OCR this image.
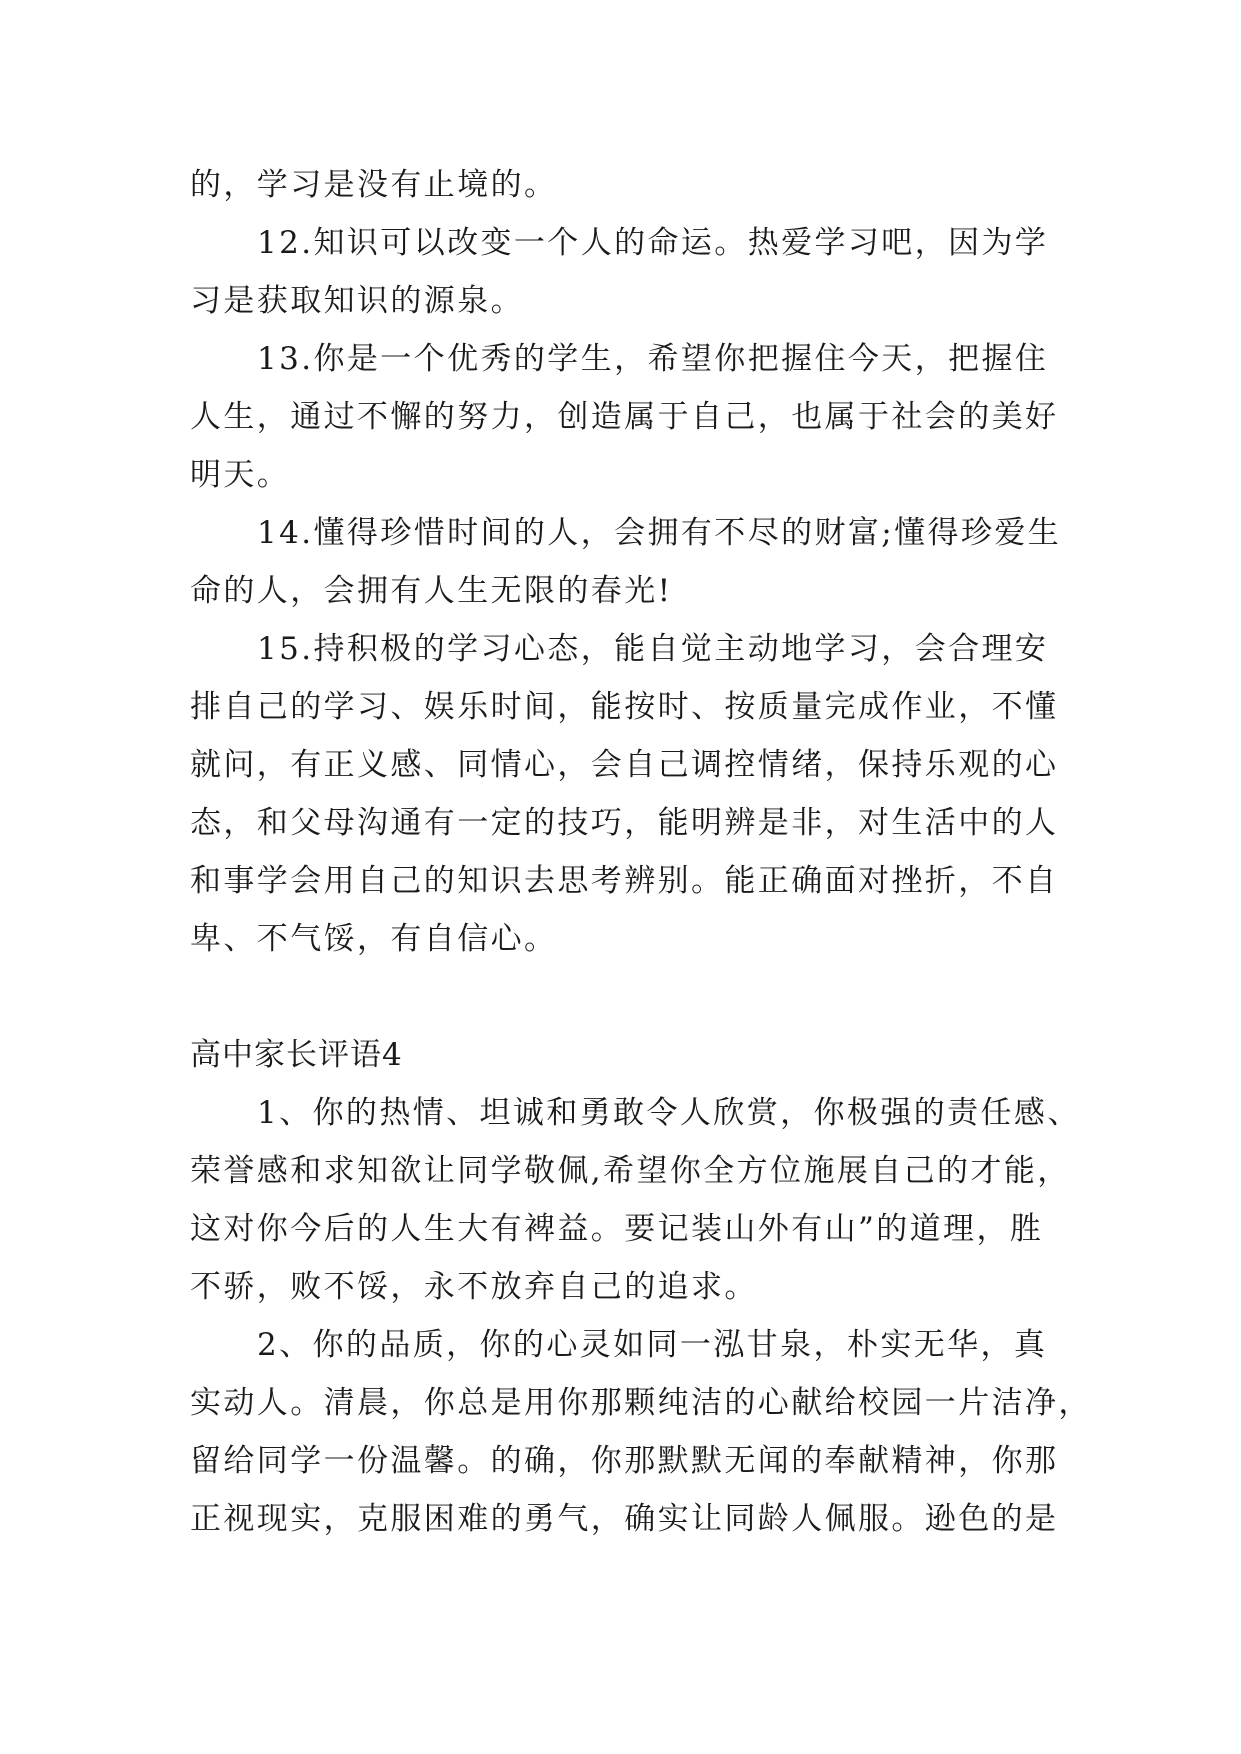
的，学习是没有止境的。
12.知识可以改变一个人的命运。热爱学习吧，因为学
习是获取知识的源泉。
13.你是一个优秀的学生，希望你把握住今天，把握住
人生，通过不懈的努力，创造属于自己，也属于社会的美好
明天。
14.懂得珍惜时间的人，会拥有不尽的财富;懂得珍爱生
命的人，会拥有人生无限的春光!
15.持积极的学习心态，能自觉主动地学习，会合理安
排自己的学习、娱乐时间，能按时、按质量完成作业，不懂
就问，有正义感、同情心，会自己调控情绪，保持乐观的心
态，和父母沟通有一定的技巧，能明辨是非，对生活中的人
和事学会用自己的知识去思考辨别。能正确面对挫折，不自
卑、不气馁，有自信心。
高中家长评语4
1、你的热情、坦诚和勇敢令人欣赏，你极强的责任感、
荣誉感和求知欲让同学敬佩,希望你全方位施展自己的才能，
这对你今后的人生大有裨益。要记装山外有山”的道理，胜
不骄，败不馁，永不放弃自己的追求。
2、你的品质，你的心灵如同一泓甘泉，朴实无华，真
实动人。清晨，你总是用你那颗纯洁的心献给校园一片洁净，
留给同学一份温馨。的确，你那默默无闻的奉献精神，你那
正视现实，克服困难的勇气，确实让同龄人佩服。逊色的是
